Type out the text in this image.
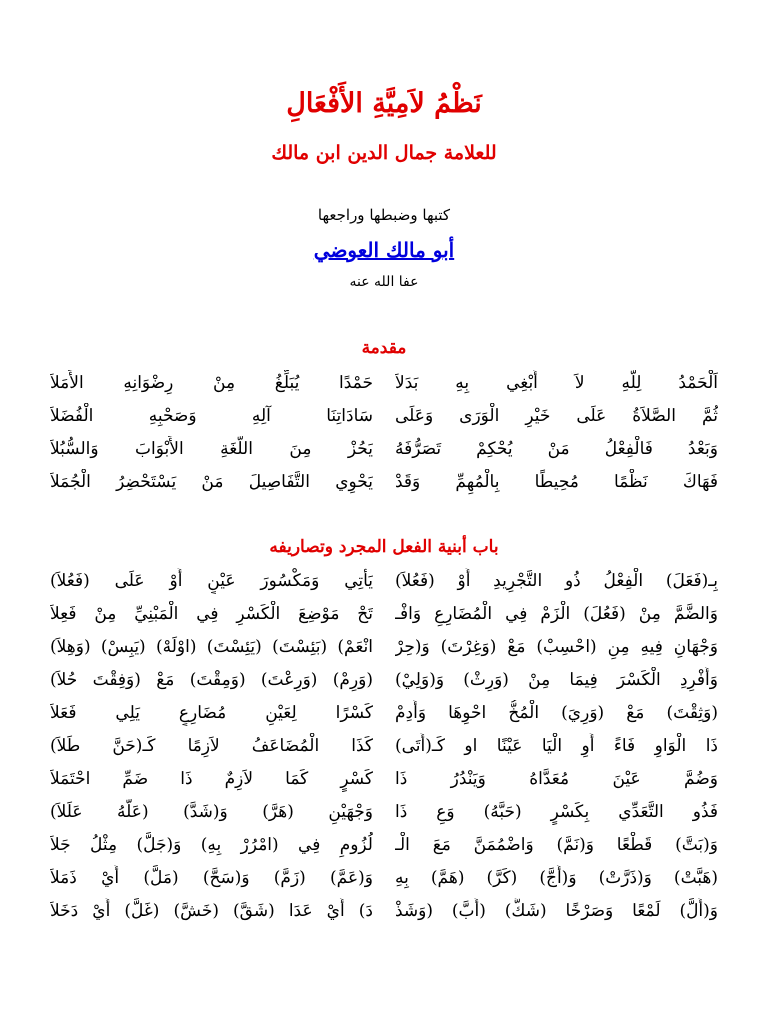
نَظْمُ لاَمِيَّةِ الأَفْعَالِ
للعلامة جمال الدين ابن مالك
كتبها وضبطها وراجعها
أبو مالك العوضي
عفا الله عنه
مقدمة
اَلْحَمْدُ لِلَّهِ لاَ أَبْغِي بِهِ بَدَلاَ
حَمْدًا يُبَلِّغُ مِنْ رِضْوَانِهِ الأَمَلاَ
ثُمَّ الصَّلاَةُ عَلَى خَيْرِ الْوَرَى وَعَلَى
سَادَاتِنَا آلِهِ وَصَحْبِهِ الْفُضَلاَ
وَبَعْدُ فَالْفِعْلُ مَنْ يُحْكِمْ تَصَرُّفَهُ
يَحُزْ مِنَ اللُّغَةِ الأَبْوَابَ وَالسُّبُلاَ
فَهَاكَ نَظْمًا مُحِيطًا بِالْمُهِمِّ وَقَدْ
يَحْوِي التَّفَاصِيلَ مَنْ يَسْتَحْضِرُ الْجُمَلاَ
باب أبنية الفعل المجرد وتصاريفه
بِـ(فَعَلَ) الْفِعْلُ ذُو التَّجْرِيدِ أَوْ (فَعُلاَ)
يَأْتِي وَمَكْسُورَ عَيْنٍ أَوْ عَلَى (فَعُلاَ)
وَالضَّمَّ مِنْ (فَعُلَ) الْزَمْ فِي الْمُضَارِعِ وَافْـ
تَحْ مَوْضِعَ الْكَسْرِ فِي الْمَبْنِيِّ مِنْ فَعِلاَ
وَجْهَانِ فِيهِ مِنِ (احْسِبْ) مَعْ (وَغِرْتَ) وَ(حِرْ
انْعَمْ) (بَئِسْتَ) (يَئِسْتَ) (اوْلَهْ) (يَبِسْ) (وَهِلاَ)
وَأَفْرِدِ الْكَسْرَ فِيمَا مِنْ (وَرِثْ) وَ(وَلِيْ)
(وَرِمْ) (وَرِعْتَ) (وَمِقْتَ) مَعْ (وَفِقْتَ حُلاَ)
(وَثِقْتَ) مَعْ (وَرِيَ) الْمُخُّ احْوِهَا وَأَدِمْ
كَسْرًا لِعَيْنِ مُضَارِعٍ يَلِي فَعَلاَ
ذَا الْوَاوِ فَاءً أَوِ الْيَا عَيْنًا او كَـ(أَتَى)
كَذَا الْمُضَاعَفُ لاَزِمًا كَـ(حَنَّ طَلاَ)
وَضُمَّ عَيْنَ مُعَدَّاهُ وَيَنْدُرُ ذَا
كَسْرٍ كَمَا لاَزِمٌ ذَا ضَمِّ احْتَمَلاَ
فَذُو التَّعَدِّي بِكَسْرٍ (حَبَّهُ) وَعِ ذَا
وَجْهَيْنِ (هَرَّ) وَ(شَدَّ) (عَلَّهُ عَلَلاَ)
وَ(بَتَّ) قَطْعًا وَ(نَمَّ) وَاضْمُمَنَّ مَعَ الْـ
لُزُومِ فِي (امْرُرْ بِهِ) وَ(جَلَّ) مِثْلُ جَلاَ
(هَبَّتْ) وَ(ذَرَّتْ) وَ(أَجَّ) (كَرَّ) (هَمَّ) بِهِ
وَ(عَمَّ) (زَمَّ) وَ(سَحَّ) (مَلَّ) أَيْ ذَمَلاَ
وَ(أَلَّ) لَمْعًا وَصَرْخًا (شَكَّ) (أَبَّ) (وَشَذْ
دَ) أَيْ عَدَا (شَقَّ) (خَشَّ) (غَلَّ) أَيْ دَخَلاَ
